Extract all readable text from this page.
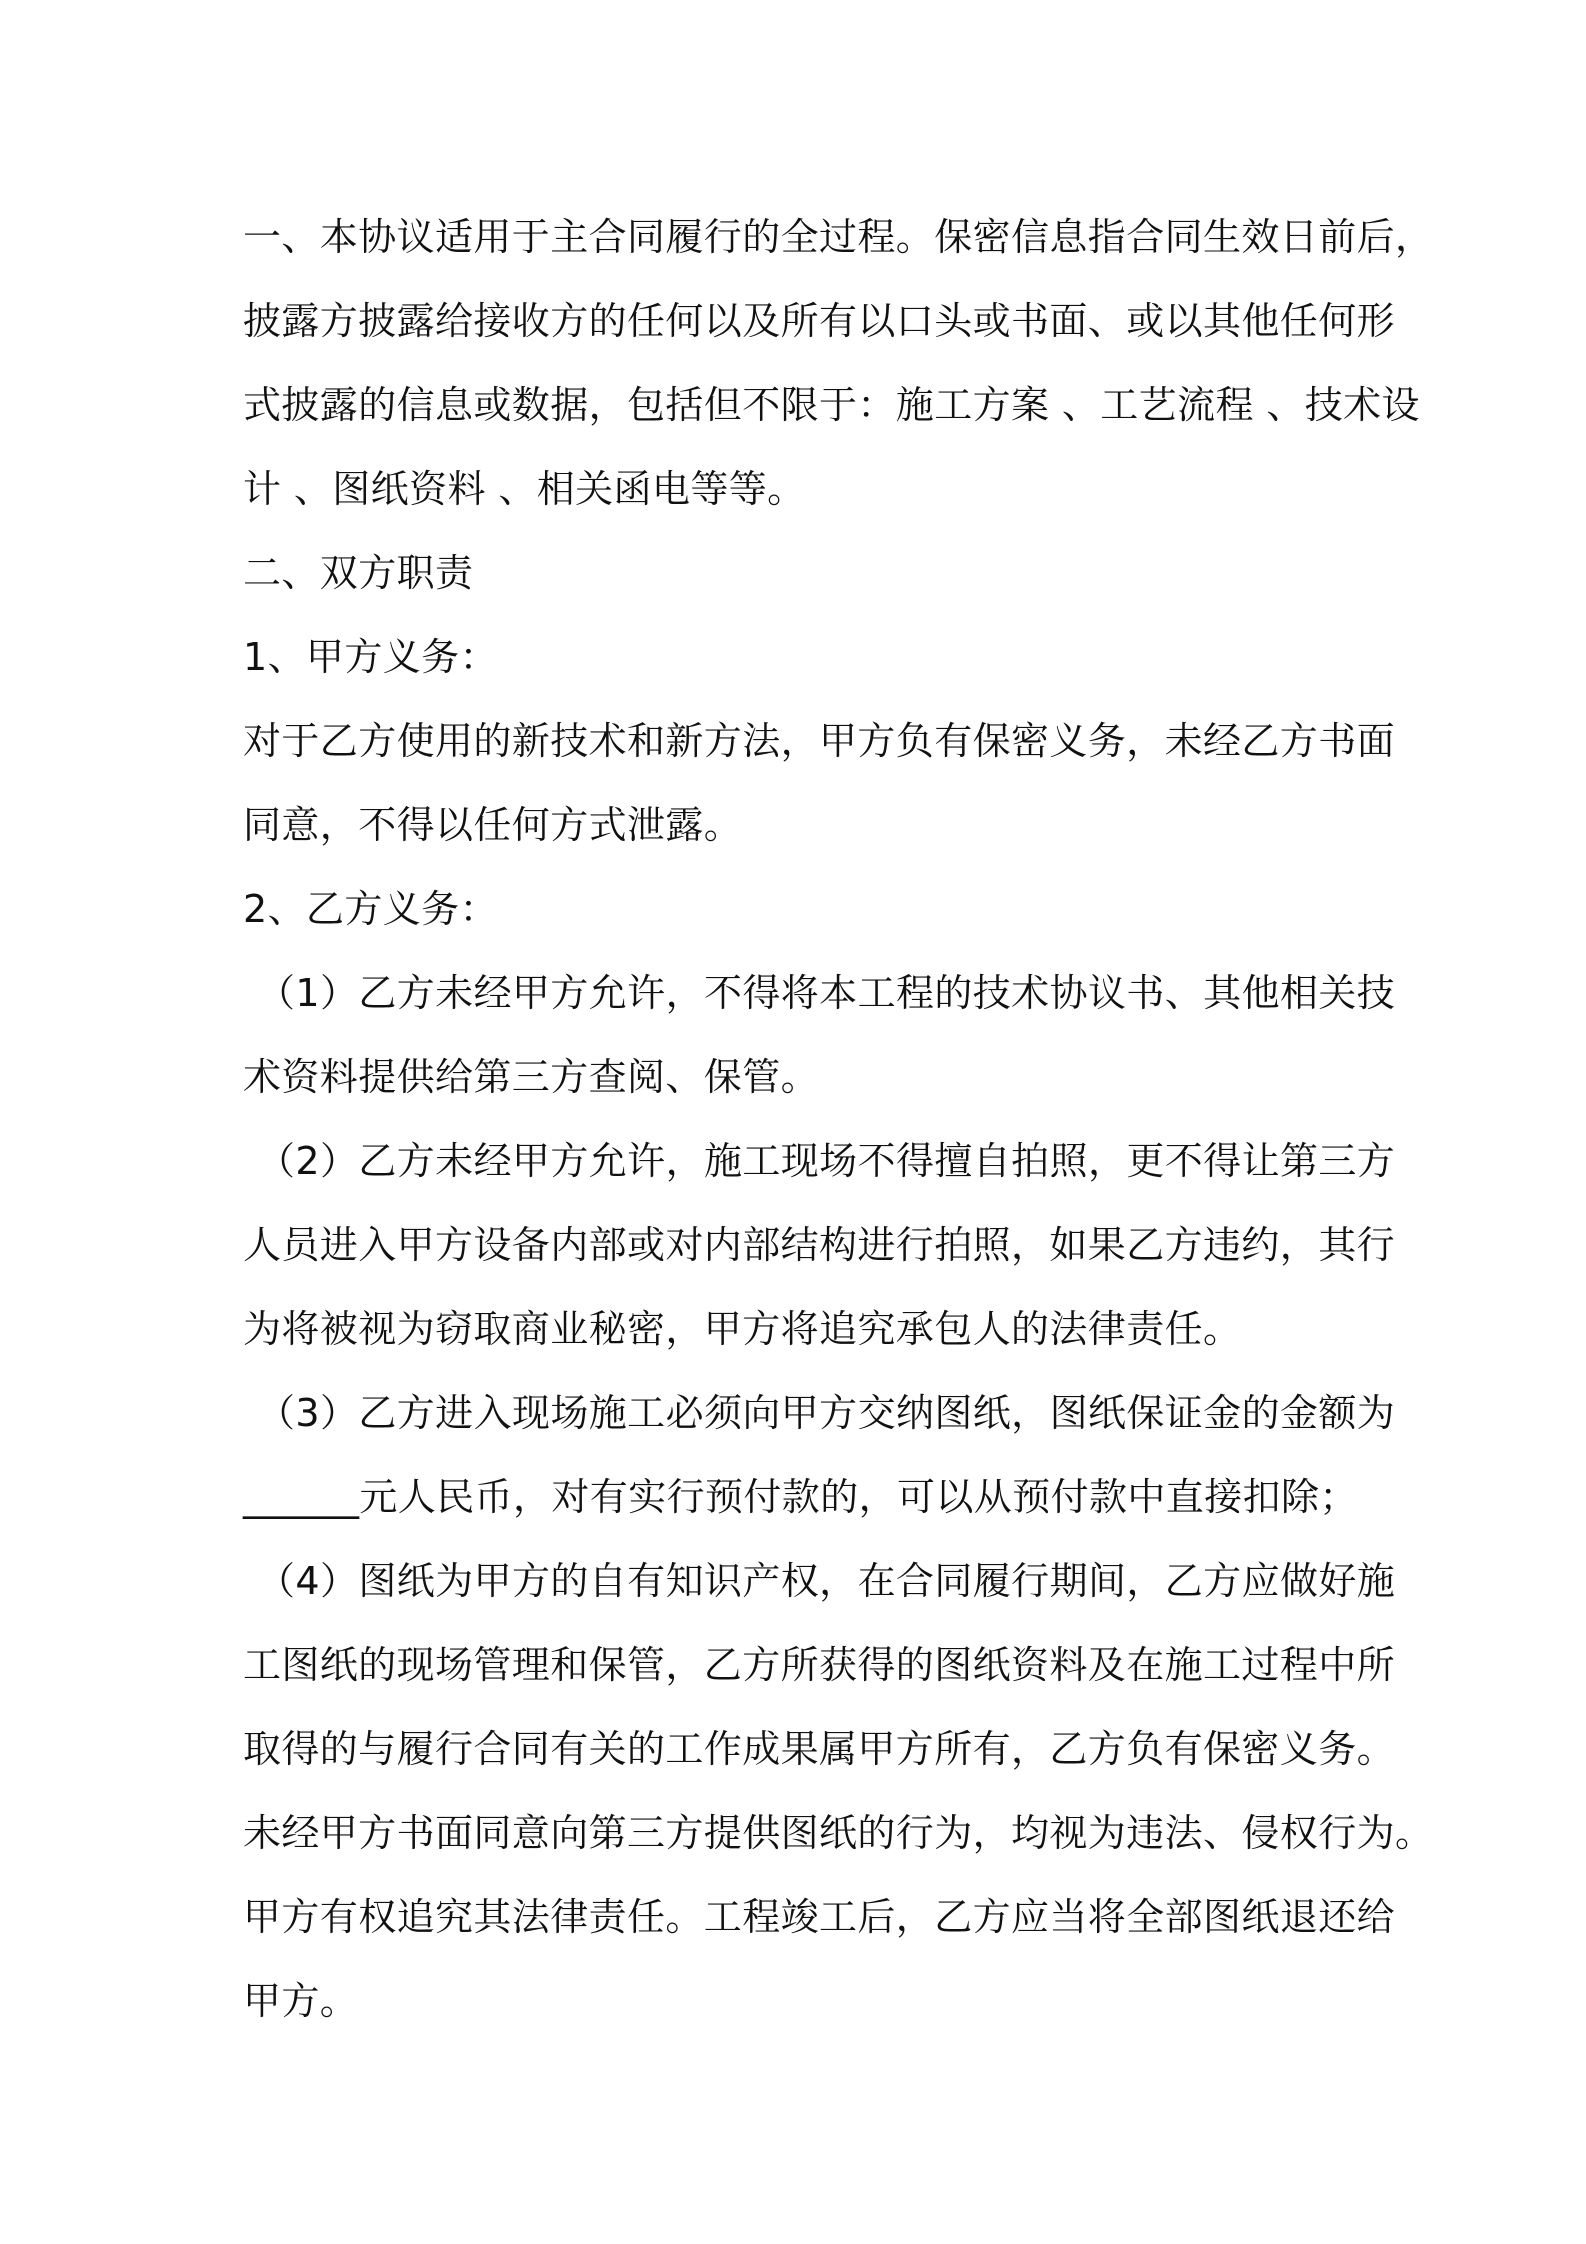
一、本协议适用于主合同履行的全过程。保密信息指合同生效日前后，
披露方披露给接收方的任何以及所有以口头或书面、或以其他任何形
式披露的信息或数据，包括但不限于：施工方案 、工艺流程 、技术设
计 、图纸资料 、相关函电等等。
二、双方职责
1、甲方义务：
对于乙方使用的新技术和新方法，甲方负有保密义务，未经乙方书面
同意，不得以任何方式泄露。
2、乙方义务：
（1）乙方未经甲方允许，不得将本工程的技术协议书、其他相关技
术资料提供给第三方查阅、保管。
（2）乙方未经甲方允许，施工现场不得擅自拍照，更不得让第三方
人员进入甲方设备内部或对内部结构进行拍照，如果乙方违约，其行
为将被视为窃取商业秘密，甲方将追究承包人的法律责任。
（3）乙方进入现场施工必须向甲方交纳图纸，图纸保证金的金额为
______元人民币，对有实行预付款的，可以从预付款中直接扣除；
（4）图纸为甲方的自有知识产权，在合同履行期间，乙方应做好施
工图纸的现场管理和保管，乙方所获得的图纸资料及在施工过程中所
取得的与履行合同有关的工作成果属甲方所有，乙方负有保密义务。
未经甲方书面同意向第三方提供图纸的行为，均视为违法、侵权行为。
甲方有权追究其法律责任。工程竣工后，乙方应当将全部图纸退还给
甲方。
